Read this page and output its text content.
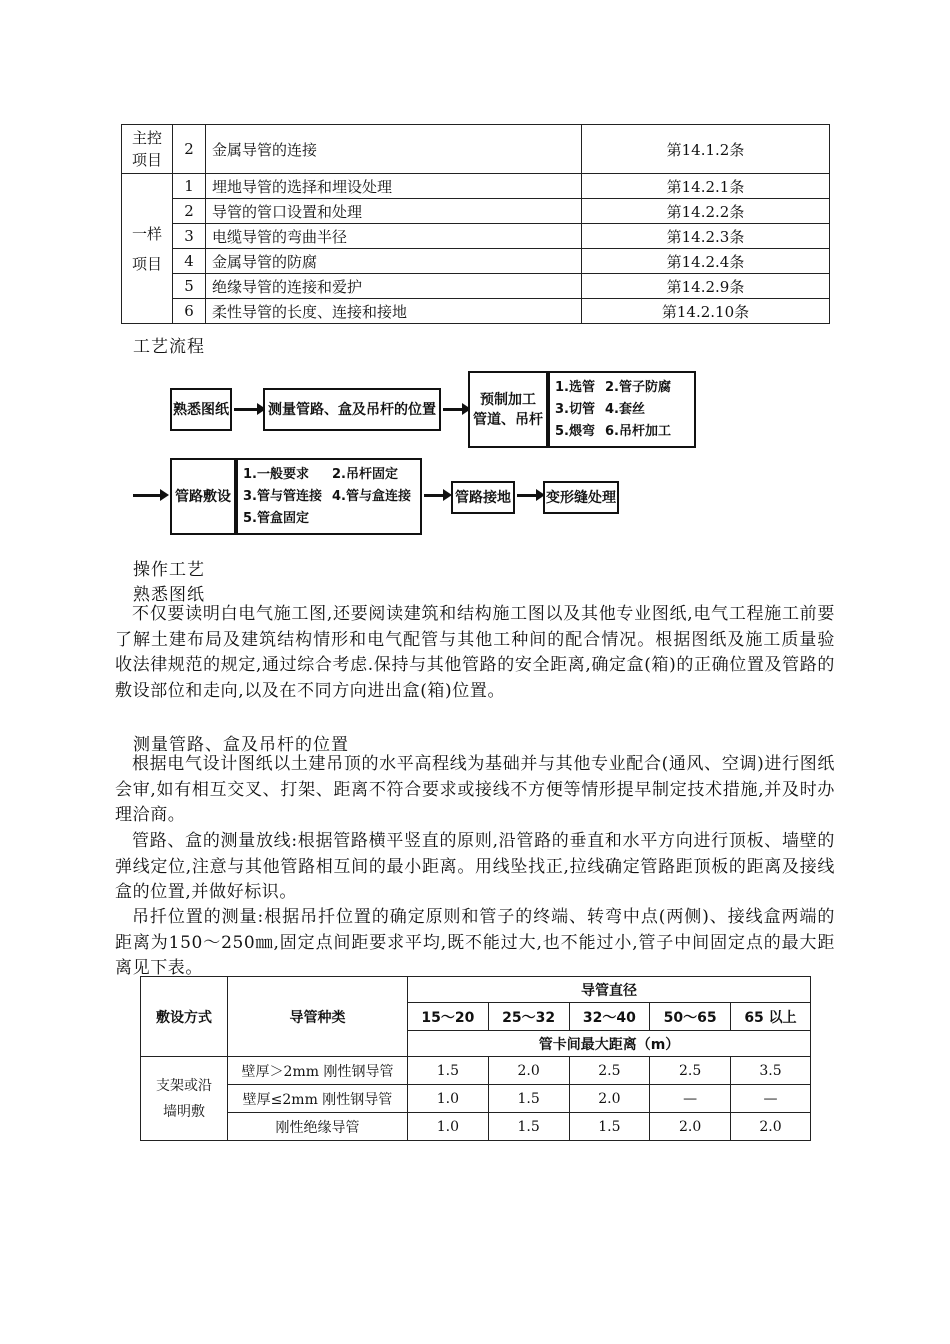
主控
项目	2	金属导管的连接	第14.1.2条
一样
项目	1	埋地导管的选择和埋设处理	第14.2.1条
	2	导管的管口设置和处理	第14.2.2条
	3	电缆导管的弯曲半径	第14.2.3条
	4	金属导管的防腐	第14.2.4条
	5	绝缘导管的连接和爱护	第14.2.9条
	6	柔性导管的长度、连接和接地	第14.2.10条
工艺流程
熟悉图纸	测量管路、盒及吊杆的位置
预制加工
管道、吊杆
1.选管 2.管子防腐
3.切管 4.套丝
5.煨弯 6.吊杆加工
管路敷设
1.一般要求	2.吊杆固定
3.管与管连接 4.管与盒连接
5.管盒固定
管路接地	变形缝处理
操作工艺
熟悉图纸
不仅要读明白电气施工图,还要阅读建筑和结构施工图以及其他专业图纸,电气工程施工前要了解土建布局及建筑结构情形和电气配管与其他工种间的配合情况。根据图纸及施工质量验收法律规范的规定,通过综合考虑.保持与其他管路的安全距离,确定盒(箱)的正确位置及管路的敷设部位和走向,以及在不同方向进出盒(箱)位置。
测量管路、盒及吊杆的位置
根据电气设计图纸以土建吊顶的水平高程线为基础并与其他专业配合(通风、空调)进行图纸会审,如有相互交叉、打架、距离不符合要求或接线不方便等情形提早制定技术措施,并及时办理洽商。
管路、盒的测量放线:根据管路横平竖直的原则,沿管路的垂直和水平方向进行顶板、墙壁的弹线定位,注意与其他管路相互间的最小距离。用线坠找正,拉线确定管路距顶板的距离及接线盒的位置,并做好标识。
吊扦位置的测量:根据吊扦位置的确定原则和管子的终端、转弯中点(两侧)、接线盒两端的距离为150～250㎜,固定点间距要求平均,既不能过大,也不能过小,管子中间固定点的最大距离见下表。
敷设方式	导管种类	导管直径				
		15～20	25～32	32～40	50～65	65 以上
		管卡间最大距离（m）				
支架或沿
墙明敷	壁厚＞2mm 刚性钢导管	1.5	2.0	2.5	2.5	3.5
	壁厚≤2mm 刚性钢导管	1.0	1.5	2.0	—	—
	刚性绝缘导管	1.0	1.5	1.5	2.0	2.0
